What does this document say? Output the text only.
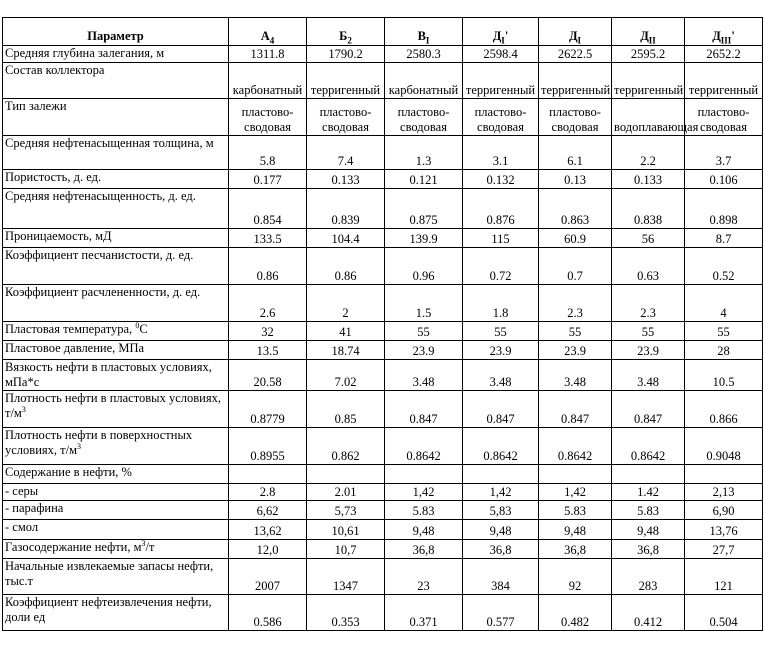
Параметр	$А_4$	$Б_2$	$В_I$	$Д_I'$	$Д_I$	$Д_{II}$	$Д_{III}'$
Средняя глубина залегания, м	1311.8	1790.2	2580.3	2598.4	2622.5	2595.2	2652.2
Состав коллектора	карбонатный	терригенный	карбонатный	терригенный	терригенный	терригенный	терригенный
Тип залежи	пластово-сводовая	пластово-сводовая	пластово-сводовая	пластово-сводовая	пластово-сводовая	водоплавающая	пластово-сводовая
Средняя нефтенасыщенная толщина, м	5.8	7.4	1.3	3.1	6.1	2.2	3.7
Пористость, д. ед.	0.177	0.133	0.121	0.132	0.13	0.133	0.106
Средняя нефтенасыщенность, д. ед.	0.854	0.839	0.875	0.876	0.863	0.838	0.898
Проницаемость, мД	133.5	104.4	139.9	115	60.9	56	8.7
Коэффициент песчанистости, д. ед.	0.86	0.86	0.96	0.72	0.7	0.63	0.52
Коэффициент расчлененности, д. ед.	2.6	2	1.5	1.8	2.3	2.3	4
Пластовая температура, $^0$С	32	41	55	55	55	55	55
Пластовое давление, МПа	13.5	18.74	23.9	23.9	23.9	23.9	28
Вязкость нефти в пластовых условиях, мПа*с	20.58	7.02	3.48	3.48	3.48	3.48	10.5
Плотность нефти в пластовых условиях, $т/м^3$	0.8779	0.85	0.847	0.847	0.847	0.847	0.866
Плотность нефти в поверхностных условиях, $т/м^3$	0.8955	0.862	0.8642	0.8642	0.8642	0.8642	0.9048
Содержание в нефти, %							
- серы	2.8	2.01	1,42	1,42	1,42	1.42	2,13
- парафина	6,62	5,73	5.83	5,83	5.83	5.83	6,90
- смол	13,62	10,61	9,48	9,48	9,48	9,48	13,76
Газосодержание нефти, $м^3/т$	12,0	10,7	36,8	36,8	36,8	36,8	27,7
Начальные извлекаемые запасы нефти, тыс.т	2007	1347	23	384	92	283	121
Коэффициент нефтеизвлечения нефти, доли ед	0.586	0.353	0.371	0.577	0.482	0.412	0.504
